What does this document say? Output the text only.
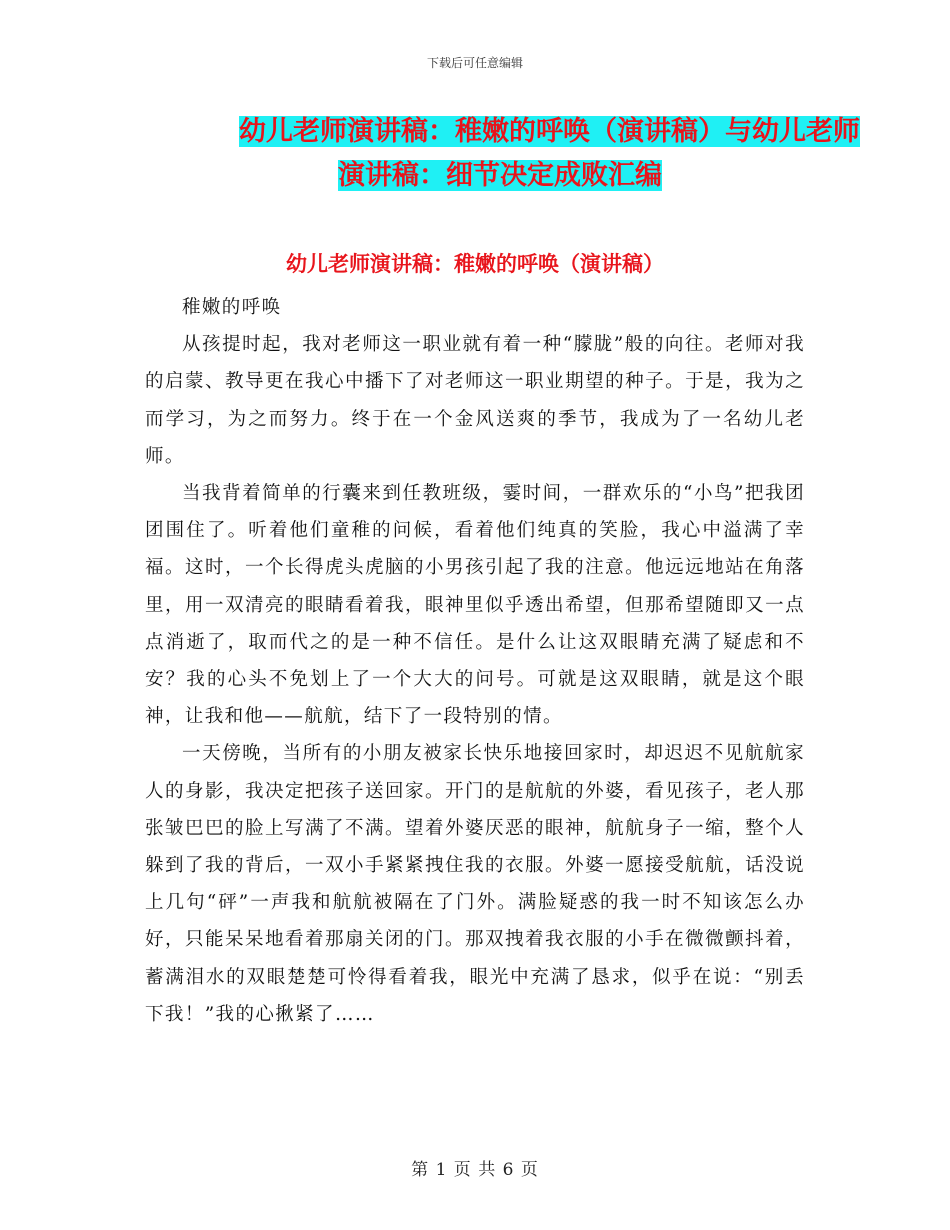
下载后可任意编辑
幼儿老师演讲稿：稚嫩的呼唤（演讲稿）与幼儿老师
演讲稿：细节决定成败汇编
幼儿老师演讲稿：稚嫩的呼唤（演讲稿）

稚嫩的呼唤

从孩提时起，我对老师这一职业就有着一种“朦胧”般的向往。老师对我的启蒙、教导更在我心中播下了对老师这一职业期望的种子。于是，我为之而学习，为之而努力。终于在一个金风送爽的季节，我成为了一名幼儿老师。

当我背着简单的行囊来到任教班级，霎时间，一群欢乐的“小鸟”把我团团围住了。听着他们童稚的问候，看着他们纯真的笑脸，我心中溢满了幸福。这时，一个长得虎头虎脑的小男孩引起了我的注意。他远远地站在角落里，用一双清亮的眼睛看着我，眼神里似乎透出希望，但那希望随即又一点点消逝了，取而代之的是一种不信任。是什么让这双眼睛充满了疑虑和不安？我的心头不免划上了一个大大的问号。可就是这双眼睛，就是这个眼神，让我和他——航航，结下了一段特别的情。

一天傍晚，当所有的小朋友被家长快乐地接回家时，却迟迟不见航航家人的身影，我决定把孩子送回家。开门的是航航的外婆，看见孩子，老人那张皱巴巴的脸上写满了不满。望着外婆厌恶的眼神，航航身子一缩，整个人躲到了我的背后，一双小手紧紧拽住我的衣服。外婆一愿接受航航，话没说上几句“砰”一声我和航航被隔在了门外。满脸疑惑的我一时不知该怎么办好，只能呆呆地看着那扇关闭的门。那双拽着我衣服的小手在微微颤抖着，蓄满泪水的双眼楚楚可怜得看着我，眼光中充满了恳求，似乎在说：“别丢下我！”我的心揪紧了……

第 1 页 共 6 页
